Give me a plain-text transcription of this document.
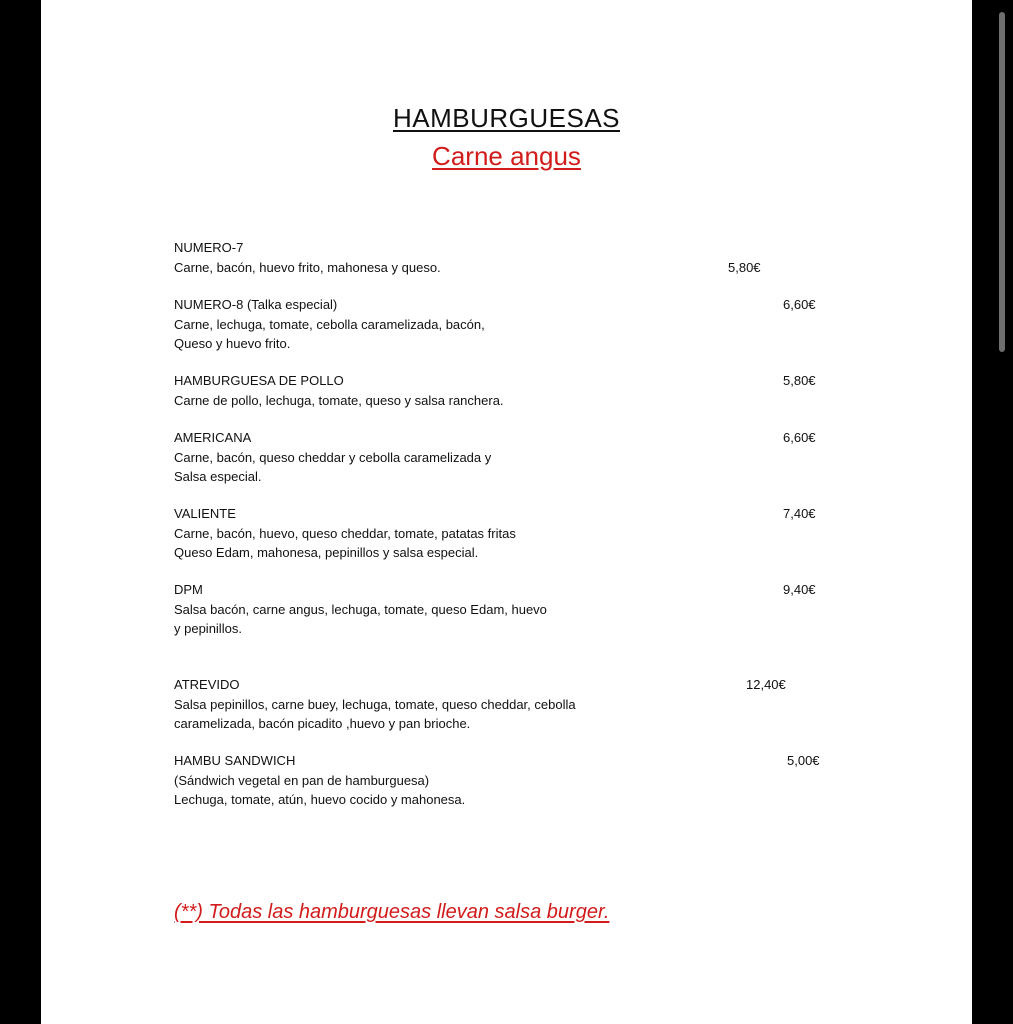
HAMBURGUESAS
Carne angus
NUMERO-7
Carne, bacón, huevo frito, mahonesa y queso.	5,80€
NUMERO-8 (Talka especial)
Carne, lechuga, tomate, cebolla caramelizada, bacón,
Queso y huevo frito.
6,60€
HAMBURGUESA DE POLLO
Carne de pollo, lechuga, tomate, queso y salsa ranchera.
5,80€
AMERICANA
Carne, bacón, queso cheddar y cebolla caramelizada y
Salsa especial.
6,60€
VALIENTE
Carne, bacón, huevo, queso cheddar, tomate, patatas fritas
Queso Edam, mahonesa, pepinillos y salsa especial.
7,40€
DPM
Salsa bacón, carne angus, lechuga, tomate, queso Edam, huevo
y pepinillos.
9,40€
ATREVIDO
Salsa pepinillos, carne buey, lechuga, tomate, queso cheddar, cebolla
caramelizada, bacón picadito ,huevo y pan brioche.
12,40€
HAMBU SANDWICH
(Sándwich vegetal en pan de hamburguesa)
Lechuga, tomate, atún, huevo cocido y mahonesa.
5,00€
(**) Todas las hamburguesas llevan salsa burger.
